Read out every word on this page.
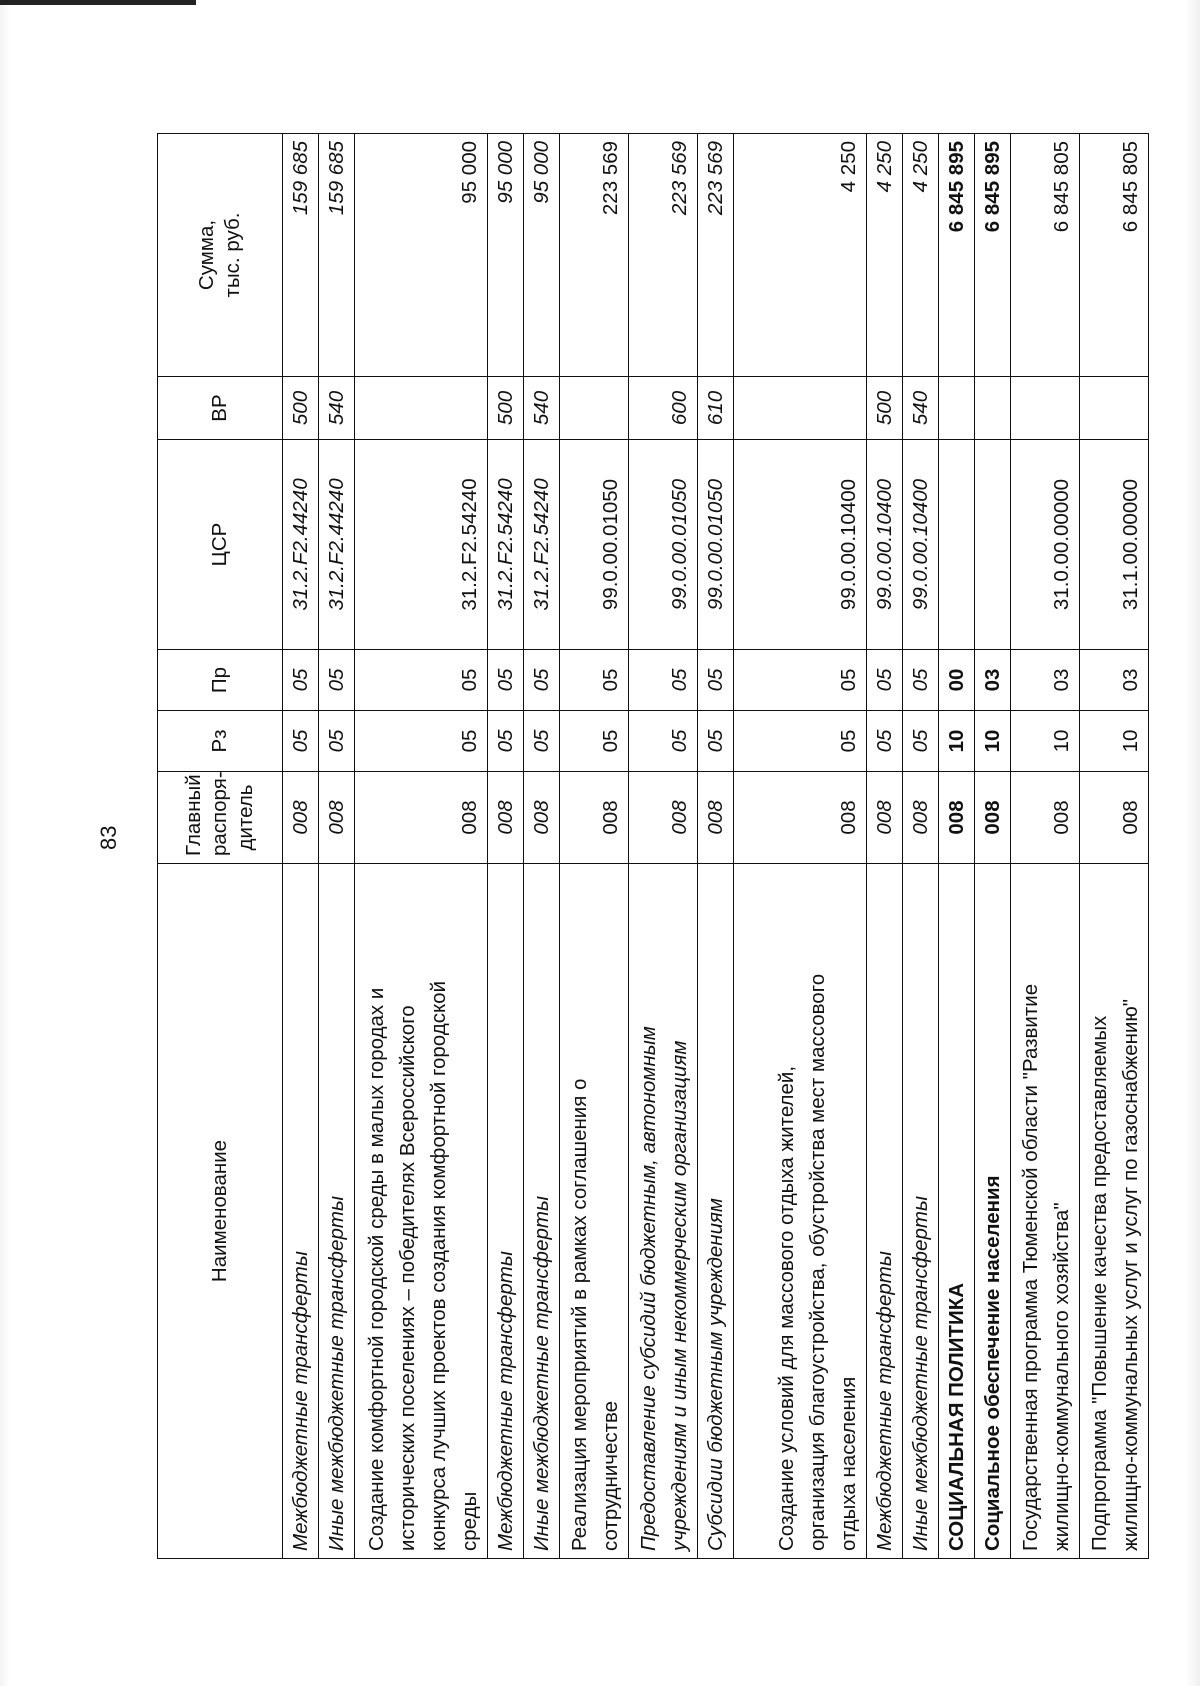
83
Наименование	Главный распоря- дитель	Рз	Пр	ЦСР	ВР	Сумма, тыс. руб.
Межбюджетные трансферты	008	05	05	31.2.F2.44240	500	159 685
Иные межбюджетные трансферты	008	05	05	31.2.F2.44240	540	159 685
Создание комфортной городской среды в малых городах и исторических поселениях – победителях Всероссийского конкурса лучших проектов создания комфортной городской среды	008	05	05	31.2.F2.54240		95 000
Межбюджетные трансферты	008	05	05	31.2.F2.54240	500	95 000
Иные межбюджетные трансферты	008	05	05	31.2.F2.54240	540	95 000
Реализация мероприятий в рамках соглашения о сотрудничестве	008	05	05	99.0.00.01050		223 569
Предоставление субсидий бюджетным, автономным учреждениям и иным некоммерческим организациям	008	05	05	99.0.00.01050	600	223 569
Субсидии бюджетным учреждениям	008	05	05	99.0.00.01050	610	223 569
Создание условий для массового отдыха жителей, организация благоустройства, обустройства мест массового отдыха населения	008	05	05	99.0.00.10400		4 250
Межбюджетные трансферты	008	05	05	99.0.00.10400	500	4 250
Иные межбюджетные трансферты	008	05	05	99.0.00.10400	540	4 250
СОЦИАЛЬНАЯ ПОЛИТИКА	008	10	00			6 845 895
Социальное обеспечение населения	008	10	03			6 845 895
Государственная программа Тюменской области "Развитие жилищно-коммунального хозяйства"	008	10	03	31.0.00.00000		6 845 805
Подпрограмма "Повышение качества предоставляемых жилищно-коммунальных услуг и услуг по газоснабжению"	008	10	03	31.1.00.00000		6 845 805
